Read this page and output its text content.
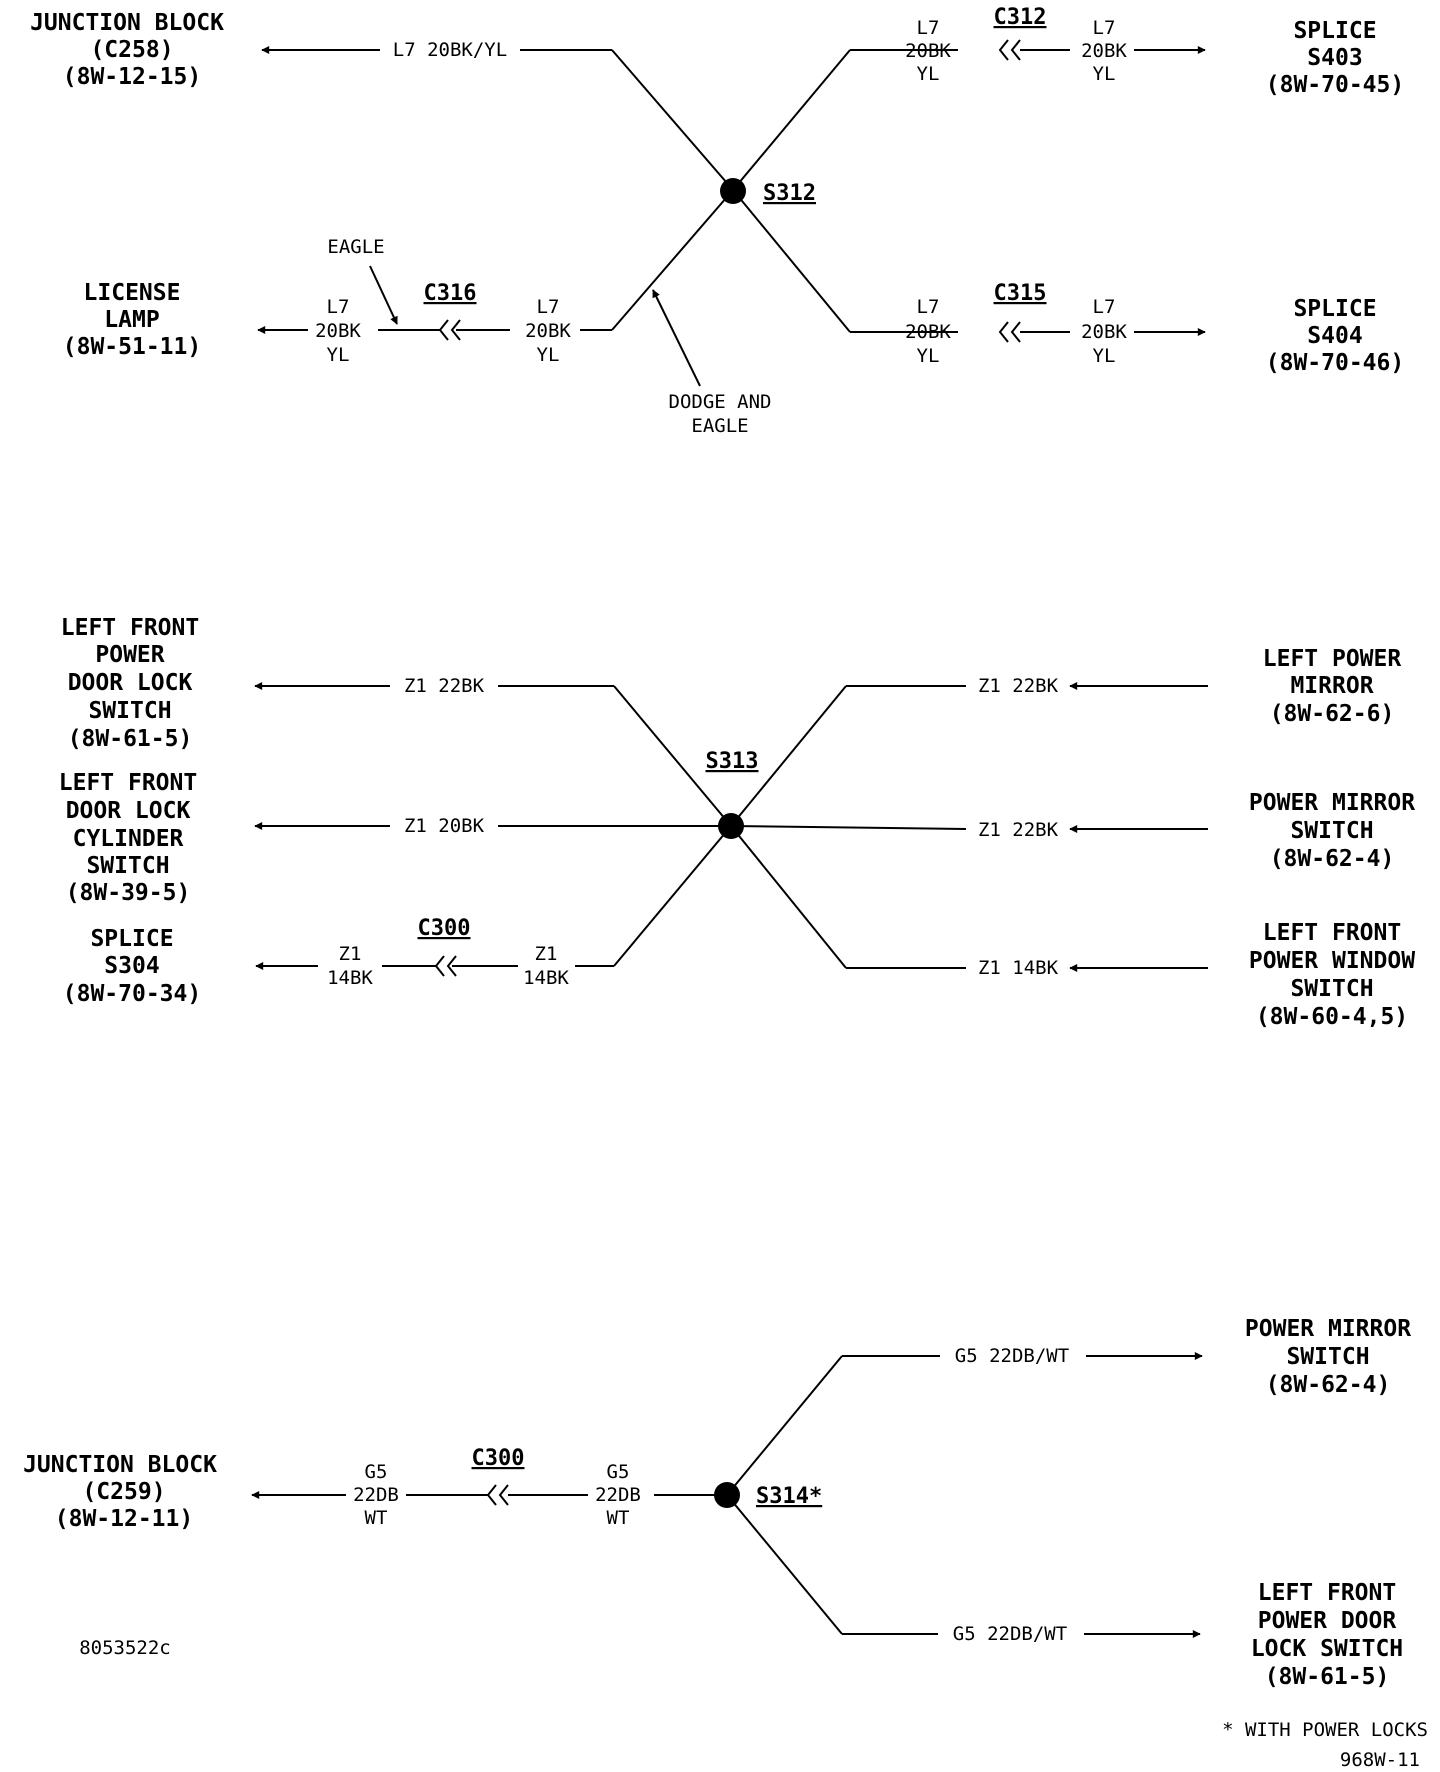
JUNCTION BLOCK
(C258)
(8W-12-15)
L7 20BK/YL
C312
L7
20BK
YL
L7
20BK
YL
SPLICE
S403
(8W-70-45)
S312
C316
L7
20BK
YL
L7
20BK
YL
LICENSE
LAMP
(8W-51-11)
EAGLE
DODGE AND
EAGLE
C315
L7
20BK
YL
L7
20BK
YL
SPLICE
S404
(8W-70-46)
LEFT FRONT
POWER
DOOR LOCK
SWITCH
(8W-61-5)
Z1 22BK
LEFT FRONT
DOOR LOCK
CYLINDER
SWITCH
(8W-39-5)
Z1 20BK
SPLICE
S304
(8W-70-34)
C300
Z1
14BK
Z1
14BK
S313
Z1 22BK
LEFT POWER
MIRROR
(8W-62-6)
Z1 22BK
POWER MIRROR
SWITCH
(8W-62-4)
Z1 14BK
LEFT FRONT
POWER WINDOW
SWITCH
(8W-60-4,5)
JUNCTION BLOCK
(C259)
(8W-12-11)
G5
22DB
WT
C300
G5
22DB
WT
S314*
G5 22DB/WT
POWER MIRROR
SWITCH
(8W-62-4)
G5 22DB/WT
LEFT FRONT
POWER DOOR
LOCK SWITCH
(8W-61-5)
8053522c
* WITH POWER LOCKS
968W-11
